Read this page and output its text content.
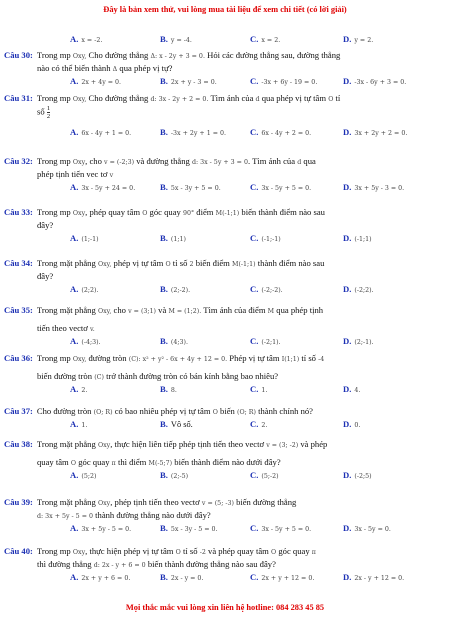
Đây là bản xem thử, vui lòng mua tài liệu để xem chi tiết (có lời giải)
Mọi thắc mắc vui lòng xin liên hệ hotline: 084 283 45 85
A. x = -2.	B. y = -4.	C. x = 2.	D. y = 2.
Câu 30: Trong mp Oxy, Cho đường thẳng Δ: x - 2y + 3 = 0. Hỏi các đường thẳng sau, đường thẳng
nào có thể biến thành Δ qua phép vị tự?
A. 2x + 4y = 0.	B. 2x + y - 3 = 0.	C. -3x + 6y - 19 = 0.	D. -3x - 6y + 3 = 0.
Câu 31: Trong mp Oxy, Cho đường thẳng d: 3x - 2y + 2 = 0. Tìm ảnh của d qua phép vị tự tâm O tỉ
số $\frac{1}{2}$
A. 6x - 4y + 1 = 0.	B. -3x + 2y + 1 = 0.	C. 6x - 4y + 2 = 0.	D. 3x + 2y + 2 = 0.
Câu 32: Trong mp Oxy, cho v = (-2;3) và đường thẳng d: 3x - 5y + 3 = 0. Tìm ảnh của d qua
phép tịnh tiến vec tơ v
A. 3x - 5y + 24 = 0.	B. 5x - 3y + 5 = 0.	C. 3x - 5y + 5 = 0.	D. 3x + 5y - 3 = 0.
Câu 33: Trong mp Oxy, phép quay tâm O góc quay 90° điểm M(-1;1) biến thành điểm nào sau
đây?
A. (1;-1)	B. (1;1)	C. (-1;-1)	D. (-1;1)
Câu 34: Trong mặt phẳng Oxy, phép vị tự tâm O tỉ số 2 biến điểm M(-1;1) thành điểm nào sau
đây?
A. (2;2).	B. (2;-2).	C. (-2;-2).	D. (-2;2).
Câu 35: Trong mặt phẳng Oxy, cho v = (3;1) và M = (1;2). Tìm ảnh của điểm M qua phép tịnh
tiến theo vectơ v.
A. (-4;3).	B. (4;3).	C. (-2;1).	D. (2;-1).
Câu 36: Trong mp Oxy, đường tròn (C): x² + y² - 6x + 4y + 12 = 0. Phép vị tự tâm I(1;1) tỉ số -4
biến đường tròn (C) trở thành đường tròn có bán kính bằng bao nhiêu?
A. 2.	B. 8.	C. 1.	D. 4.
Câu 37: Cho đường tròn (O; R) có bao nhiêu phép vị tự tâm O biến (O; R) thành chính nó?
A. 1.	B. Vô số.	C. 2.	D. 0.
Câu 38: Trong mặt phẳng Oxy, thực hiện liên tiếp phép tịnh tiến theo vectơ v = (3; -2) và phép
quay tâm O góc quay π thì điểm M(-5;7) biến thành điểm nào dưới đây?
A. (5;2)	B. (2;-5)	C. (5;-2)	D. (-2;5)
Câu 39: Trong mặt phẳng Oxy, phép tịnh tiến theo vectơ v = (5; -3) biến đường thẳng
d: 3x + 5y - 5 = 0 thành đường thẳng nào dưới đây?
A. 3x + 5y - 5 = 0.	B. 5x - 3y - 5 = 0.	C. 3x - 5y + 5 = 0.	D. 3x - 5y = 0.
Câu 40: Trong mp Oxy, thực hiện phép vị tự tâm O tỉ số -2 và phép quay tâm O góc quay π
thì đường thẳng d: 2x - y + 6 = 0 biến thành đường thẳng nào sau đây?
A. 2x + y + 6 = 0.	B. 2x - y = 0.	C. 2x + y + 12 = 0.	D. 2x - y + 12 = 0.
